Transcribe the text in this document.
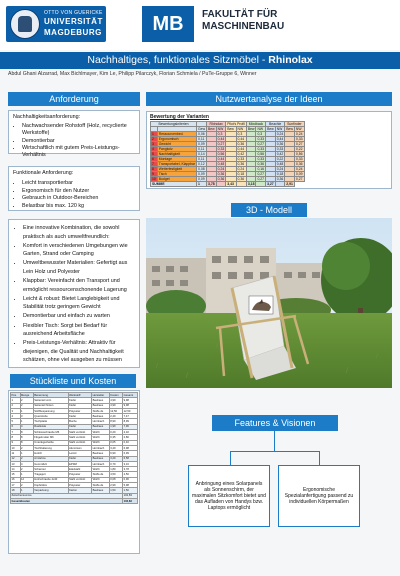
OTTO VON GUERICKE
UNIVERSITÄT
MAGDEBURG	MB	FAKULTÄT FÜR
MASCHINENBAU
Nachhaltiges, funktionales Sitzmöbel - Rhinolax
Abdul Ghani Alzarrad, Max Bichlmayer, Kim Le, Philipp Pilarczyk, Florian Schmiela / PuTe-Gruppe 6, Winner
Anforderung
Nachhaltigkeitsanforderung:
• Nachwachsender Rohstoff (Holz, recyclierte Werkstoffe)
• Demontierbar
• Wirtschaftlich mit gutem Preis-Leistungs-Verhältnis
Funktionale Anforderung:
• Leicht transportierbar
• Ergonomisch für den Nutzer
• Gebrauch in Outdoor-Bereichen
• Belastbar bis max. 120 kg
• Eine innovative Kombination, die sowohl praktisch als auch umweltfreundlich:
• Komfort in verschiedenen Umgebungen wie Garten, Strand oder Camping
• Umweltbewusster Materialien: Gefertigt aus Lein Holz und Polyester
• Klappbar: Vereinfacht den Transport und ermöglicht ressourcenschonende Lagerung
• Leicht & robust: Bietet Langlebigkeit und Stabilität trotz geringem Gewicht
• Demontierbar und einfach zu warten
• Flexibler Tisch: Sorgt bei Bedarf für ausreichend Arbeitsfläche
• Preis-Leistungs-Verhältnis: Attraktiv für diejenigen, die Qualität und Nachhaltigkeit schätzen, ohne viel ausgeben zu müssen
Nutzwertanalyse der Ideen
Bewertung der Varianten
Bewertungskriterien			Rhinolax		Pilot's Profil		Mixdback		Beachie		Sunfinder	
		Gew	Bew	NW	Bew	NW	Bew	NW	Bew	NW	Bew	NW
1	Ressourcenbed.	0,06		0,3		0,3		0,3		0,24		0,24
2	Ergonomisch	0,11		0,44		0,44		0,33		0,44		0,33
3	Gewicht	0,09		0,27		0,36		0,27		0,36		0,27
4	Pangkolz	0,11		0,33		0,44		0,33		0,33		0,22
5	Nachhaltigkeit	0,14		0,56		0,42		0,56		0,42		0,56
6	Montage	0,11		0,44		0,33		0,33		0,22		0,33
7	Transportabel, Klappbar	0,12		0,48		0,36		0,36		0,48		0,36
8	Wetterfestigkeit	0,08		0,24		0,24		0,16		0,24		0,24
9	Tisch	0,09		0,36		0,18		0,27		0,18		0,09
10	Budget	0,09		0,36		0,36		0,27		0,36		0,27
SUMME		1	3,78		3,43		3,18		3,27		2,91	
3D - Modell
Stückliste und Kosten
Pos.	Menge	Benennung	Werkstoff	Hersteller	Kosten	Gesamt
1	2	Seitenteil vorn	Kiefer	Bauhaus	4,99	9,98
2	2	Seitenteil hinten	Kiefer	Bauhaus	4,99	9,98
3	1	Stoffbespannung	Polyester	Stoffe.de	12,50	12,50
4	3	Querstrebe	Kiefer	Bauhaus	2,49	7,47
5	1	Tischplatte	Buche	Hornbach	8,99	8,99
6	4	Rastleiste	Kiefer	Bauhaus	1,99	7,96
7	8	Schlossschraube M6	Stahl verzinkt	Würth	0,29	2,32
8	8	Flügelmutter M6	Stahl verzinkt	Würth	0,35	2,80
9	8	Unterlegscheibe	Stahl verzinkt	Würth	0,05	0,40
10	2	Tischhalterung	Aluminium	Hornbach	3,49	6,98
11	1	Holzöl	Leinöl	Bauhaus	6,99	6,99
12	2	Armlehne	Kiefer	Bauhaus	3,29	6,58
13	4	Gummifuß	EPDM	Hornbach	0,79	3,16
14	2	Scharnier	Edelstahl	Würth	1,89	3,78
15	1	Tragegurt	Polyester	Stoffe.de	4,50	4,50
16	12	Holzschraube 4x40	Stahl verzinkt	Würth	0,08	0,96
17	2	Kopfstütze	Polyester	Stoffe.de	2,99	5,98
18	1	Verpackung	Karton	Bauhaus	1,50	1,50
Zwischensumme						102,83
Gesamtkosten						102,83
Features & Visionen
Anbringung eines Solarpanels als Sonnenschirm, der maximalen Sitzkomfort bietet und das Aufladen von Handys bzw. Laptops ermöglicht
Ergonomische Spezialanfertigung passend zu individuellen Körpermaßen
